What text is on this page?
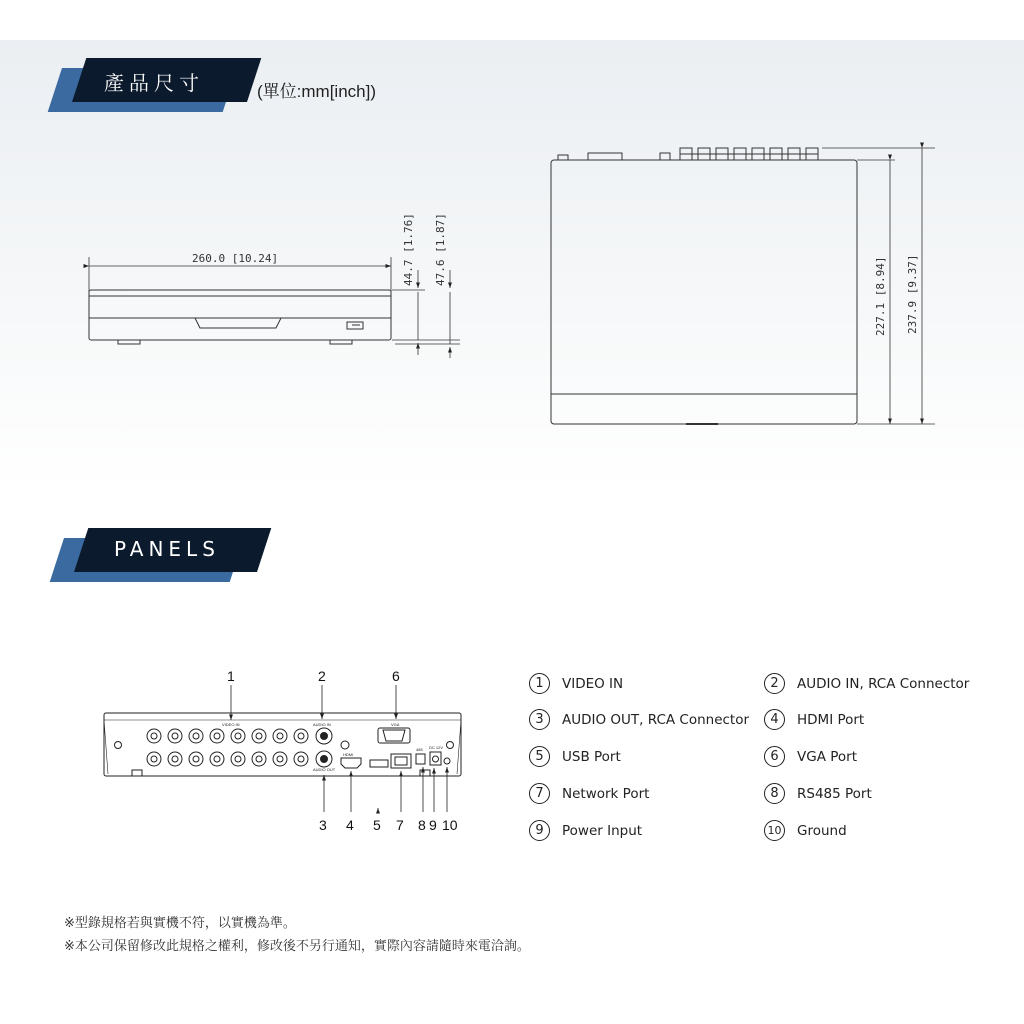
產品尺寸	(單位:mm[inch])
PANELS
260.0 [10.24]	44.7 [1.76] 47.6 [1.87]
227.1 [8.94] 237.9 [9.37]
VIDEO IN	AUDIO IN
AUDIO OUT
VGA
HDMI
485 DC 12V
1	2	6
3 4 5 7 8 9 10
1	VIDEO IN	2	AUDIO IN, RCA Connector
3	AUDIO OUT, RCA Connector	4	HDMI Port
5	USB Port	6	VGA Port
7	Network Port	8	RS485 Port
9	Power Input	10 Ground
※型錄規格若與實機不符，以實機為準。
※本公司保留修改此規格之權利，修改後不另行通知，實際內容請隨時來電洽詢。
